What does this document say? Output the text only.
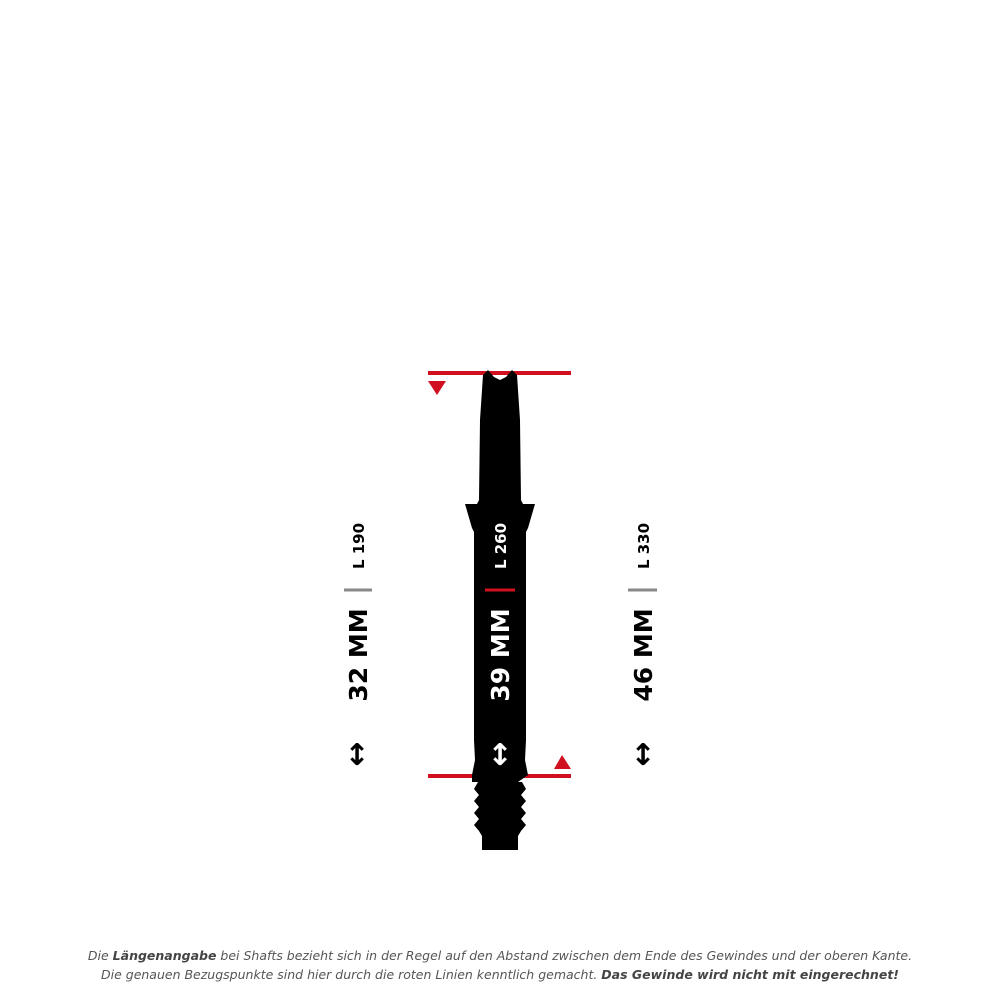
L 190
32 MM
↕
L 260
39 MM
↕
L 330
46 MM
↕
Die Längenangabe bei Shafts bezieht sich in der Regel auf den Abstand zwischen dem Ende des Gewindes und der oberen Kante.
Die genauen Bezugspunkte sind hier durch die roten Linien kenntlich gemacht. Das Gewinde wird nicht mit eingerechnet!
